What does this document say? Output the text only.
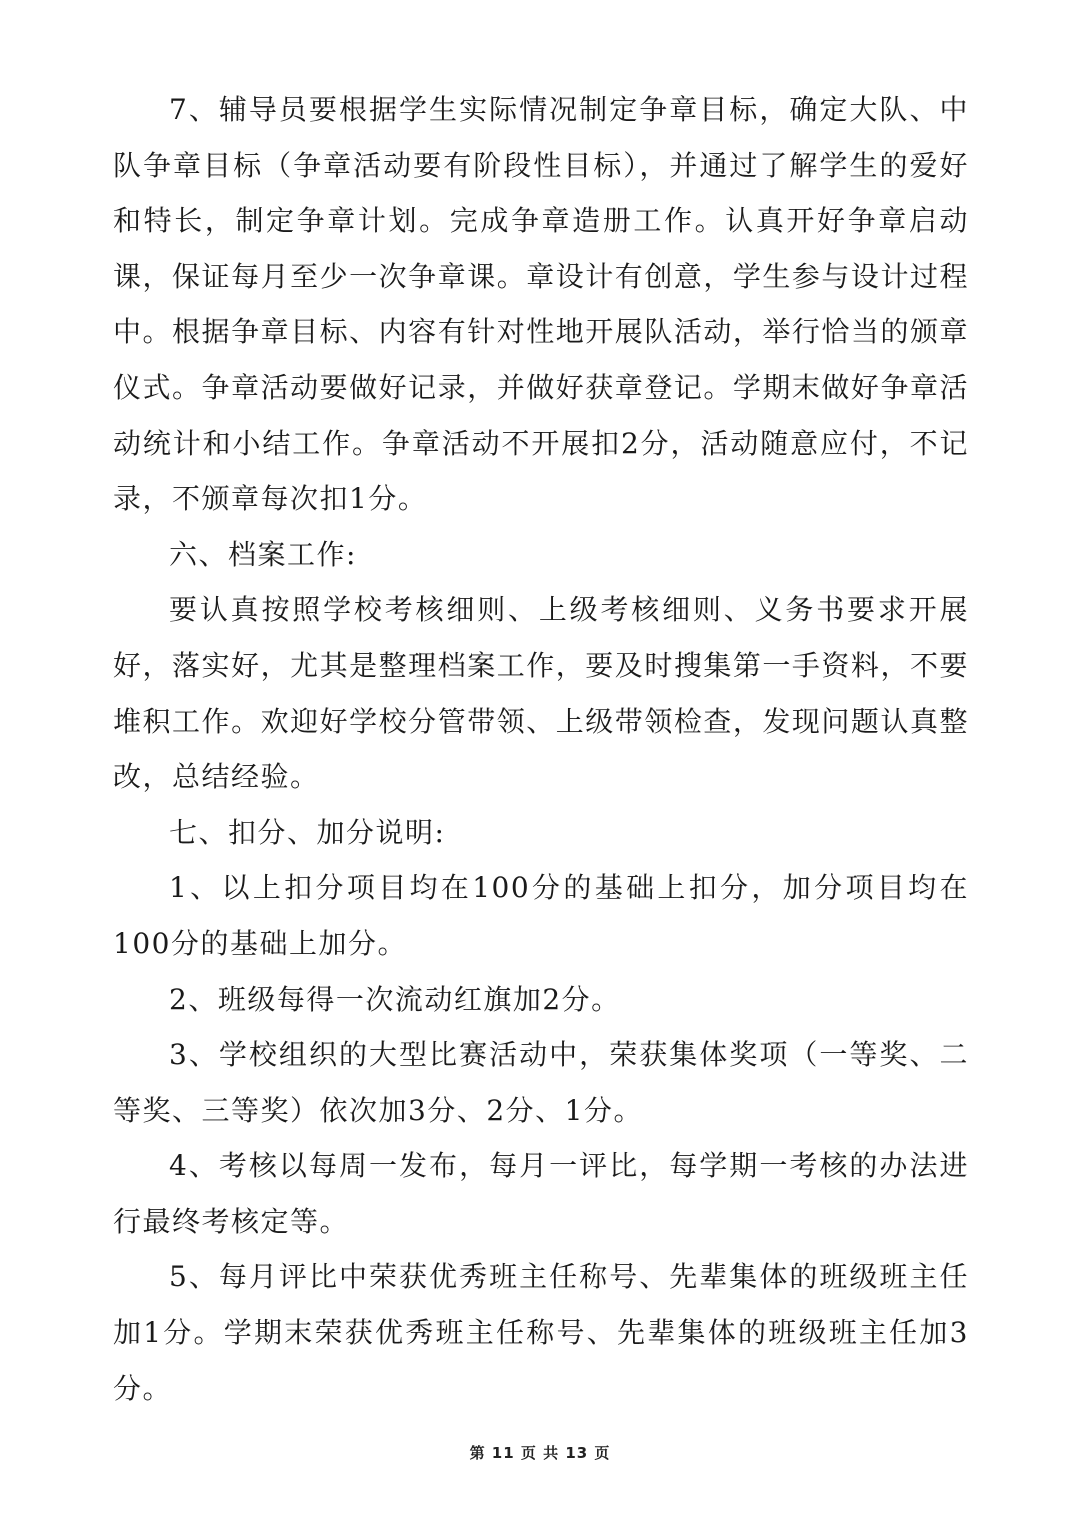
7、辅导员要根据学生实际情况制定争章目标，确定大队、中队争章目标（争章活动要有阶段性目标），并通过了解学生的爱好和特长，制定争章计划。完成争章造册工作。认真开好争章启动课，保证每月至少一次争章课。章设计有创意，学生参与设计过程中。根据争章目标、内容有针对性地开展队活动，举行恰当的颁章仪式。争章活动要做好记录，并做好获章登记。学期末做好争章活动统计和小结工作。争章活动不开展扣2分，活动随意应付，不记录，不颁章每次扣1分。

六、档案工作:

要认真按照学校考核细则、上级考核细则、义务书要求开展好，落实好，尤其是整理档案工作，要及时搜集第一手资料，不要堆积工作。欢迎好学校分管带领、上级带领检查，发现问题认真整改，总结经验。

七、扣分、加分说明:

1、以上扣分项目均在100分的基础上扣分，加分项目均在100分的基础上加分。

2、班级每得一次流动红旗加2分。

3、学校组织的大型比赛活动中，荣获集体奖项（一等奖、二等奖、三等奖）依次加3分、2分、1分。

4、考核以每周一发布，每月一评比，每学期一考核的办法进行最终考核定等。

5、每月评比中荣获优秀班主任称号、先辈集体的班级班主任加1分。学期末荣获优秀班主任称号、先辈集体的班级班主任加3分。

第 11 页 共 13 页
